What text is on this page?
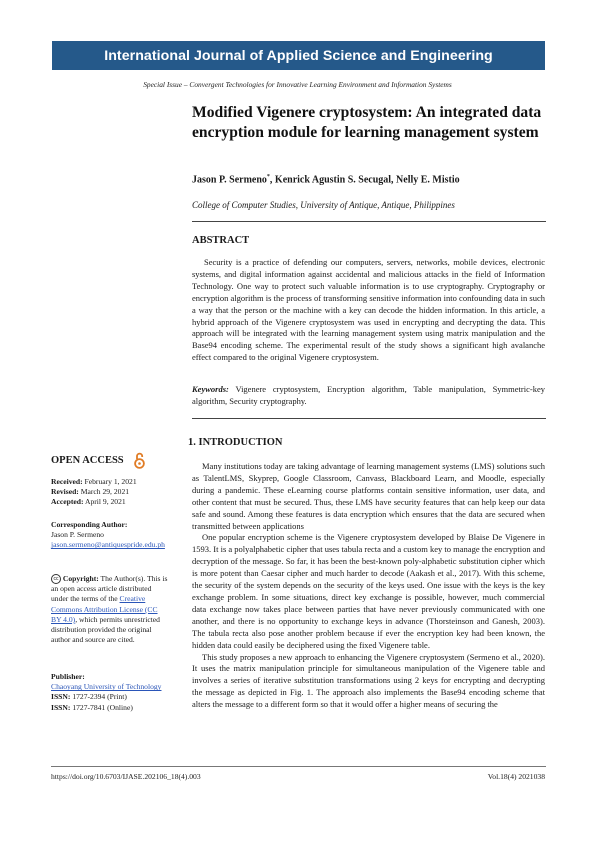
International Journal of Applied Science and Engineering
Special Issue – Convergent Technologies for Innovative Learning Environment and Information Systems
Modified Vigenere cryptosystem: An integrated data encryption module for learning management system
Jason P. Sermeno*, Kenrick Agustin S. Secugal, Nelly E. Mistio
College of Computer Studies, University of Antique, Antique, Philippines
ABSTRACT

Security is a practice of defending our computers, servers, networks, mobile devices, electronic systems, and digital information against accidental and malicious attacks in the field of Information Technology. One way to protect such valuable information is to use cryptography. Cryptography or encryption algorithm is the process of transforming sensitive information into confounding data in such a way that the person or the machine with a key can decode the hidden information. In this article, a hybrid approach of the Vigenere cryptosystem was used in encrypting and decrypting the data. This approach will be integrated with the learning management system using matrix manipulation and the Base94 encoding scheme. The experimental result of the study shows a significant high avalanche effect compared to the original Vigenere cryptosystem.

Keywords: Vigenere cryptosystem, Encryption algorithm, Table manipulation, Symmetric-key algorithm, Security cryptography.

1. INTRODUCTION

Many institutions today are taking advantage of learning management systems (LMS) solutions such as TalentLMS, Skyprep, Google Classroom, Canvass, Blackboard Learn, and Moodle, especially during a pandemic. These eLearning course platforms contain sensitive information, user data, and other content that must be secured. Thus, these LMS have security features that can help keep our data safe and sound. Among these features is data encryption which ensures that the data are secured when transmitted between applications

One popular encryption scheme is the Vigenere cryptosystem developed by Blaise De Vigenere in 1593. It is a polyalphabetic cipher that uses tabula recta and a custom key to manage the encryption and decryption of the message. So far, it has been the best-known poly-alphabetic substitution cipher which is more potent than Caesar cipher and much harder to decode (Aakash et al., 2017). With this scheme, the security of the system depends on the security of the keys used. One issue with the keys is the key exchange problem. In some situations, direct key exchange is possible, however, much commercial data exchange now takes place between parties that have never previously communicated with one another, and there is no opportunity to exchange keys in advance (Thorsteinson and Ganesh, 2003). The tabula recta also pose another problem because if ever the encryption key had been known, the hidden data could easily be deciphered using the fixed Vigenere table.

This study proposes a new approach to enhancing the Vigenere cryptosystem (Sermeno et al., 2020). It uses the matrix manipulation principle for simultaneous manipulation of the Vigenere table and involves a series of iterative substitution transformations using 2 keys for encrypting and decrypting the message as depicted in Fig. 1. The approach also implements the Base94 encoding scheme that alters the message to a different form so that it would offer a higher means of securing the

OPEN ACCESS
Received: February 1, 2021
Revised: March 29, 2021
Accepted: April 9, 2021
Corresponding Author:
Jason P. Sermeno
jason.sermeno@antiquespride.edu.ph
cc Copyright: The Author(s). This is an open access article distributed under the terms of the Creative Commons Attribution License (CC BY 4.0), which permits unrestricted distribution provided the original author and source are cited.
Publisher:
Chaoyang University of Technology
ISSN: 1727-2394 (Print)
ISSN: 1727-7841 (Online)
https://doi.org/10.6703/IJASE.202106_18(4).003	Vol.18(4) 2021038
